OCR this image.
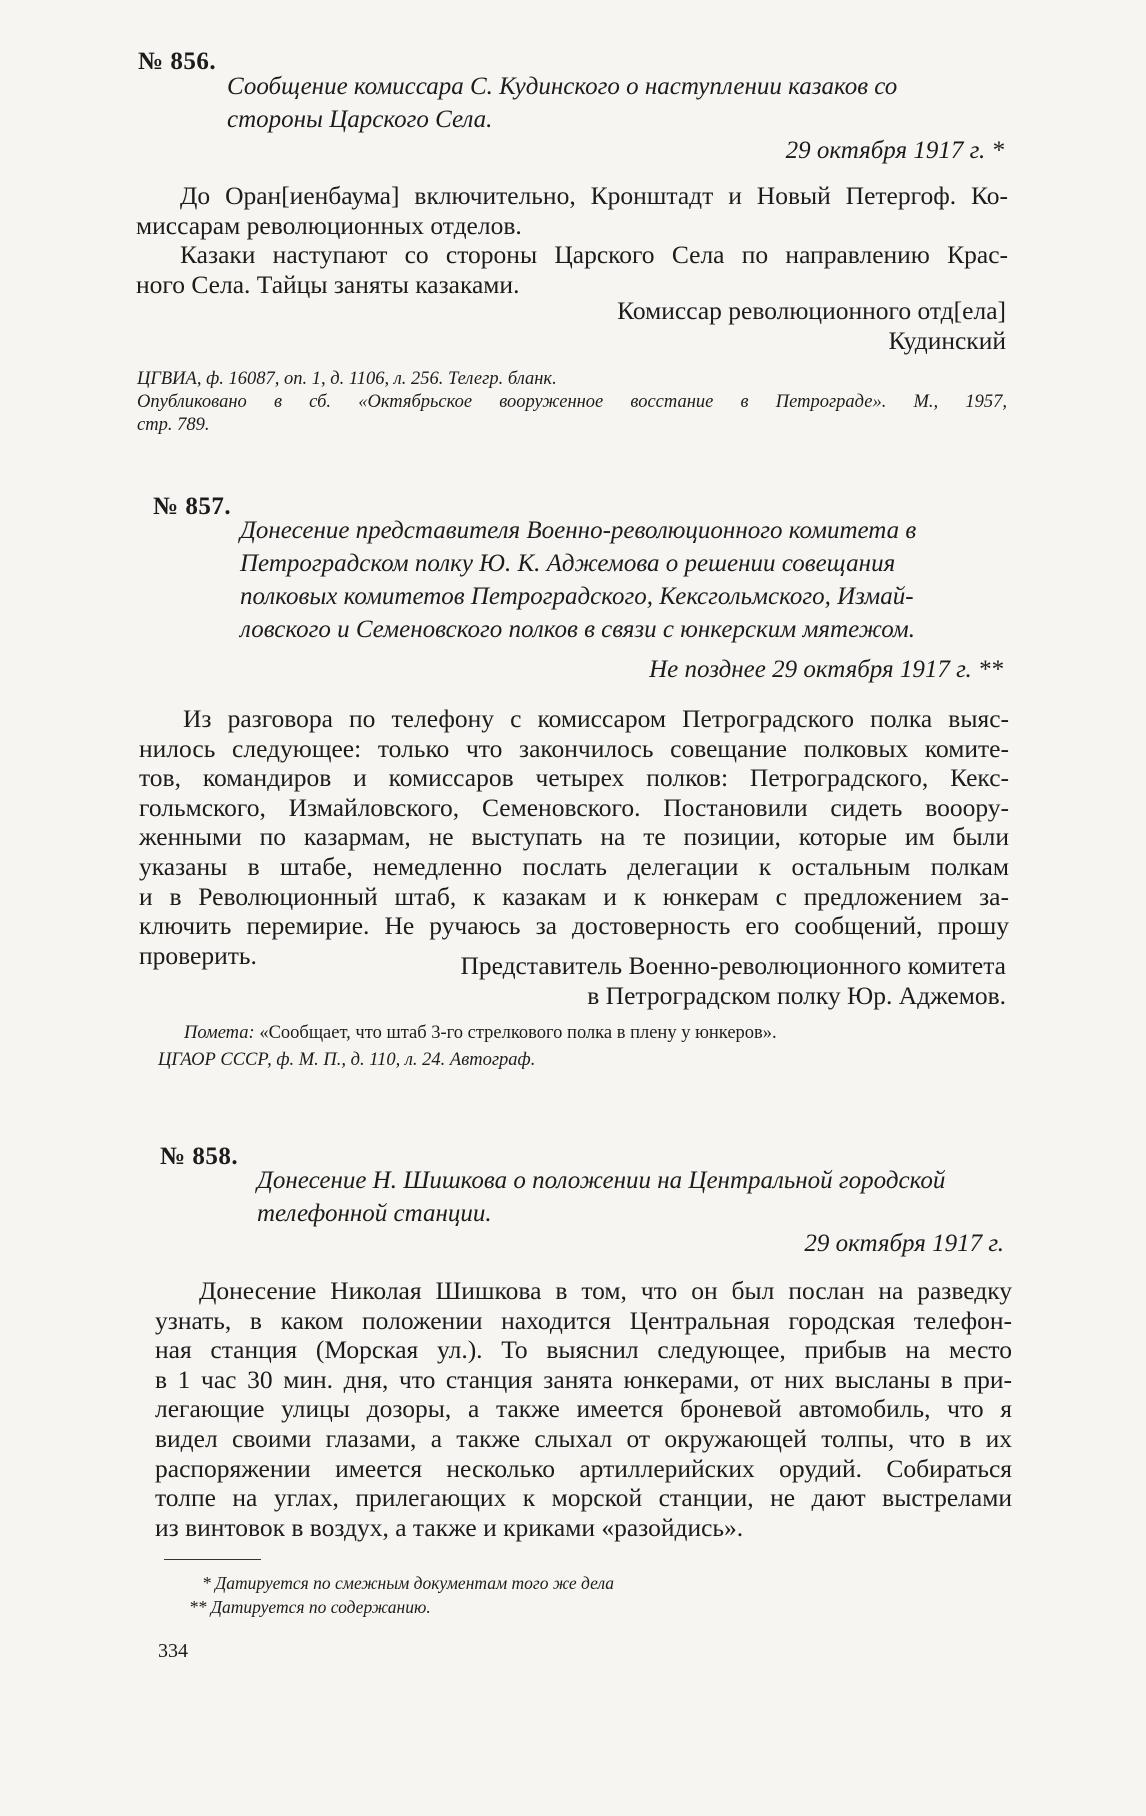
№ 856.
Сообщение комиссара С. Кудинского о наступлении казаков со
стороны Царского Села.
29 октября 1917 г. *
До Оран[иенбаума] включительно, Кронштадт и Новый Петергоф. Ко-
миссарам революционных отделов.
Казаки наступают со стороны Царского Села по направлению Крас-
ного Села. Тайцы заняты казаками.
Комиссар революционного отд[ела]
Кудинский
ЦГВИА, ф. 16087, оп. 1, д. 1106, л. 256. Телегр. бланк.
Опубликовано в сб. «Октябрьское вооруженное восстание в Петрограде». М., 1957,
стр. 789.
№ 857.
Донесение представителя Военно-революционного комитета в
Петроградском полку Ю. К. Аджемова о решении совещания
полковых комитетов Петроградского, Кексгольмского, Измай-
ловского и Семеновского полков в связи с юнкерским мятежом.
Не позднее 29 октября 1917 г. **
Из разговора по телефону с комиссаром Петроградского полка выяс-
нилось следующее: только что закончилось совещание полковых комите-
тов, командиров и комиссаров четырех полков: Петроградского, Кекс-
гольмского, Измайловского, Семеновского. Постановили сидеть вооору-
женными по казармам, не выступать на те позиции, которые им были
указаны в штабе, немедленно послать делегации к остальным полкам
и в Революционный штаб, к казакам и к юнкерам с предложением за-
ключить перемирие. Не ручаюсь за достоверность его сообщений, прошу
проверить.	Представитель Военно-революционного комитета
в Петроградском полку Юр. Аджемов.
Помета: «Сообщает, что штаб 3-го стрелкового полка в плену у юнкеров».
ЦГАОР СССР, ф. М. П., д. 110, л. 24. Автограф.
№ 858.
Донесение Н. Шишкова о положении на Центральной городской
телефонной станции.
29 октября 1917 г.
Донесение Николая Шишкова в том, что он был послан на разведку
узнать, в каком положении находится Центральная городская телефон-
ная станция (Морская ул.). То выяснил следующее, прибыв на место
в 1 час 30 мин. дня, что станция занята юнкерами, от них высланы в при-
легающие улицы дозоры, а также имеется броневой автомобиль, что я
видел своими глазами, а также слыхал от окружающей толпы, что в их
распоряжении имеется несколько артиллерийских орудий. Собираться
толпе на углах, прилегающих к морской станции, не дают выстрелами
из винтовок в воздух, а также и криками «разойдись».
* Датируется по смежным документам того же дела
** Датируется по содержанию.
334
